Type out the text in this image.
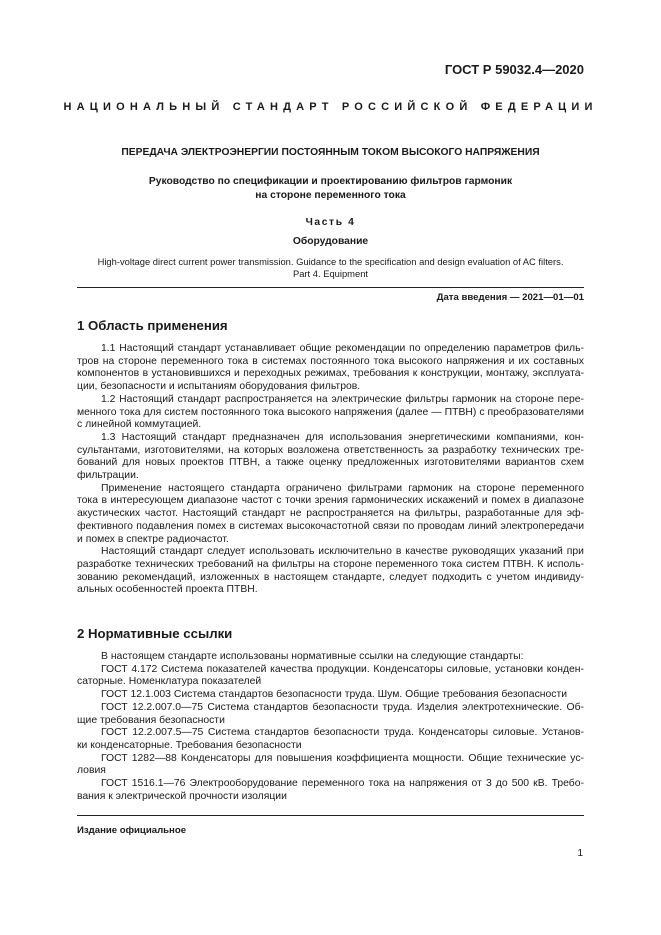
ГОСТ Р 59032.4—2020
НАЦИОНАЛЬНЫЙ СТАНДАРТ РОССИЙСКОЙ ФЕДЕРАЦИИ
ПЕРЕДАЧА ЭЛЕКТРОЭНЕРГИИ ПОСТОЯННЫМ ТОКОМ ВЫСОКОГО НАПРЯЖЕНИЯ
Руководство по спецификации и проектированию фильтров гармоник
на стороне переменного тока
Часть 4
Оборудование
High-voltage direct current power transmission. Guidance to the specification and design evaluation of AC filters.
Part 4. Equipment
Дата введения — 2021—01—01
1 Область применения
1.1 Настоящий стандарт устанавливает общие рекомендации по определению параметров филь-
тров на стороне переменного тока в системах постоянного тока высокого напряжения и их составных
компонентов в установившихся и переходных режимах, требования к конструкции, монтажу, эксплуата-
ции, безопасности и испытаниям оборудования фильтров.
1.2 Настоящий стандарт распространяется на электрические фильтры гармоник на стороне пере-
менного тока для систем постоянного тока высокого напряжения (далее — ПТВН) с преобразователями
с линейной коммутацией.
1.3 Настоящий стандарт предназначен для использования энергетическими компаниями, кон-
сультантами, изготовителями, на которых возложена ответственность за разработку технических тре-
бований для новых проектов ПТВН, а также оценку предложенных изготовителями вариантов схем
фильтрации.
Применение настоящего стандарта ограничено фильтрами гармоник на стороне переменного
тока в интересующем диапазоне частот с точки зрения гармонических искажений и помех в диапазоне
акустических частот. Настоящий стандарт не распространяется на фильтры, разработанные для эф-
фективного подавления помех в системах высокочастотной связи по проводам линий электропередачи
и помех в спектре радиочастот.
Настоящий стандарт следует использовать исключительно в качестве руководящих указаний при
разработке технических требований на фильтры на стороне переменного тока систем ПТВН. К исполь-
зованию рекомендаций, изложенных в настоящем стандарте, следует подходить с учетом индивиду-
альных особенностей проекта ПТВН.
2 Нормативные ссылки
В настоящем стандарте использованы нормативные ссылки на следующие стандарты:
ГОСТ 4.172 Система показателей качества продукции. Конденсаторы силовые, установки конден-
саторные. Номенклатура показателей
ГОСТ 12.1.003 Система стандартов безопасности труда. Шум. Общие требования безопасности
ГОСТ 12.2.007.0—75 Система стандартов безопасности труда. Изделия электротехнические. Об-
щие требования безопасности
ГОСТ 12.2.007.5—75 Система стандартов безопасности труда. Конденсаторы силовые. Установ-
ки конденсаторные. Требования безопасности
ГОСТ 1282—88 Конденсаторы для повышения коэффициента мощности. Общие технические ус-
ловия
ГОСТ 1516.1—76 Электрооборудование переменного тока на напряжения от 3 до 500 кВ. Требо-
вания к электрической прочности изоляции
Издание официальное
1
